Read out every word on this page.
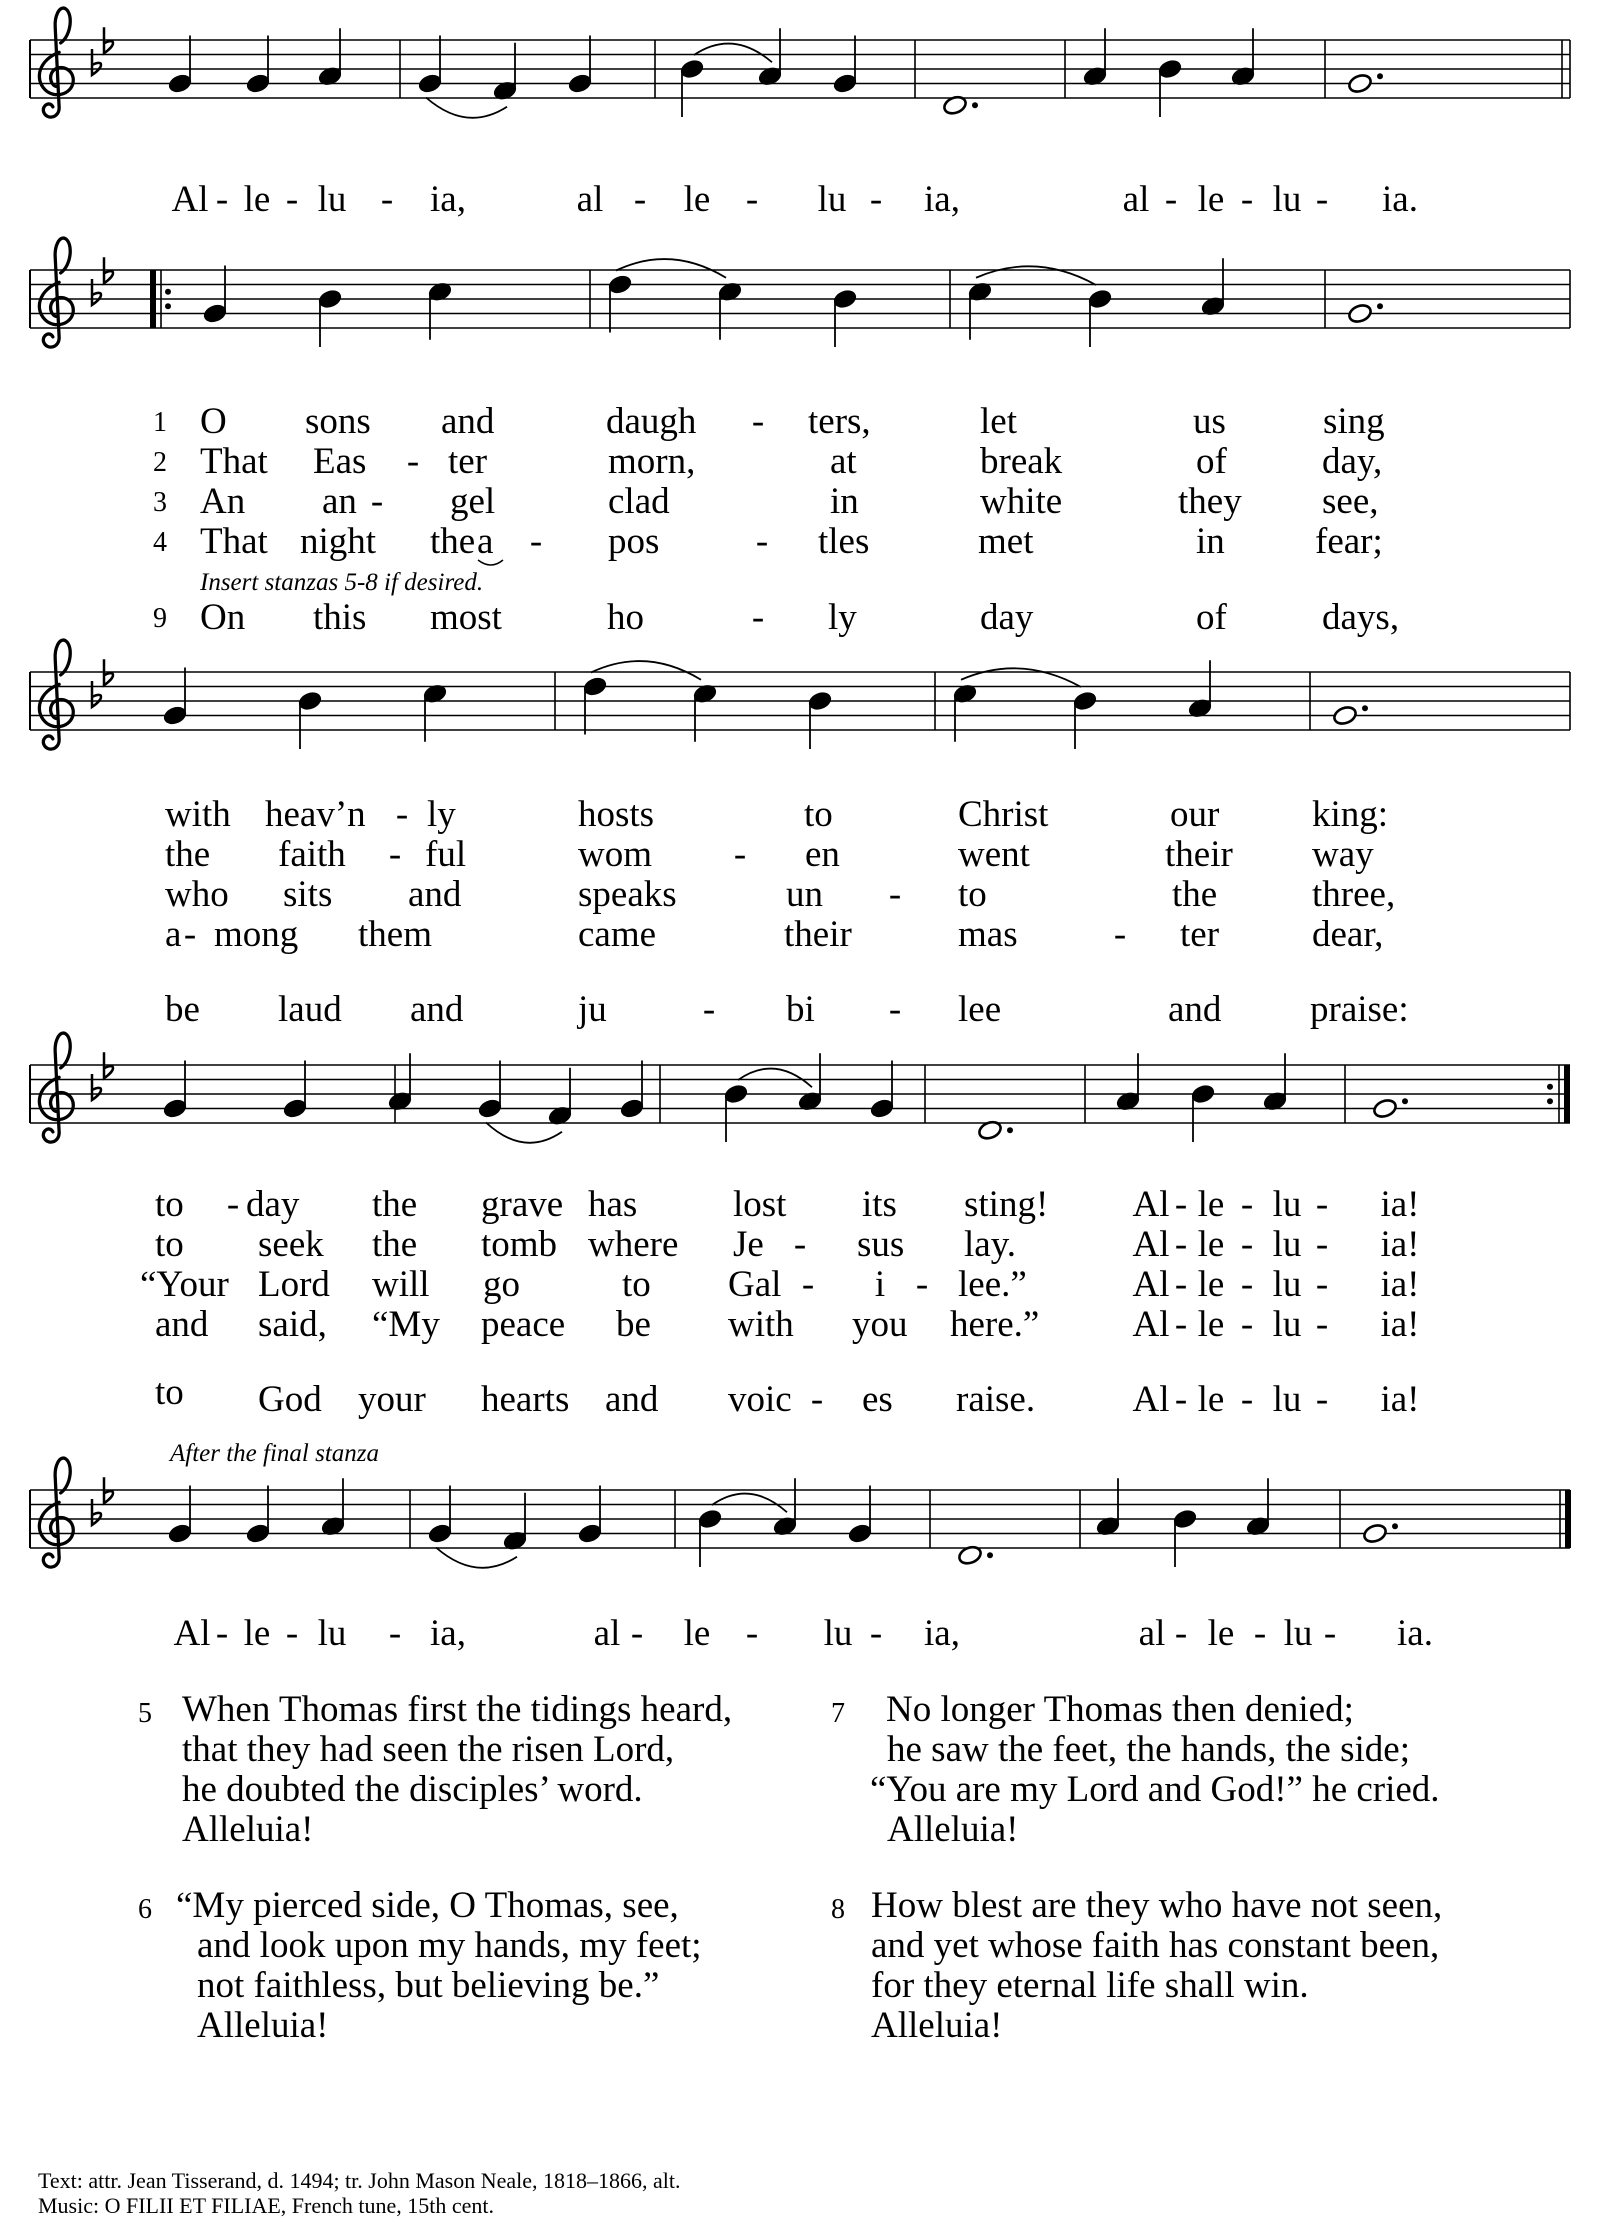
Al - le - lu - ia,	al - le - lu - ia,	al - le - lu - ia.
1 O sons and	daugh - ters,	let	us	sing
2 That Eas - ter	morn,	at	break	of	day,
3 An an - gel	clad	in	white	they see,
4 That night the a - pos	- tles	met	in fear;
Insert stanzas 5-8 if desired.
9 On this most	ho	- ly	day	of	days,
with heav’n - ly	hosts	to	Christ	our	king:
the faith - ful	wom - en	went	their way
who sits and	speaks	un - to	the	three,
a - mong them	came	their	mas	- ter	dear,
be laud and	ju	- bi - lee	and praise:
to - day the grave has	lost its sting! Al - le - lu - ia!
to seek the tomb where Je - sus lay.	Al - le - lu - ia!
“Your Lord will go	to Gal - i - lee.”	Al - le - lu - ia!
and said, “My peace be with you here.”	Al - le - lu - ia!
to God your hearts and voic - es raise.	Al - le - lu - ia!
After the final stanza
Al - le - lu - ia,	al - le - lu - ia,	al - le - lu - ia.
5 When Thomas first the tidings heard,
that they had seen the risen Lord,
he doubted the disciples’ word.
Alleluia!
6 “My pierced side, O Thomas, see,
and look upon my hands, my feet;
not faithless, but believing be.”
Alleluia!
7 No longer Thomas then denied;
he saw the feet, the hands, the side;
“You are my Lord and God!” he cried.
Alleluia!
8 How blest are they who have not seen,
and yet whose faith has constant been,
for they eternal life shall win.
Alleluia!
Text: attr. Jean Tisserand, d. 1494; tr. John Mason Neale, 1818–1866, alt.
Music: O FILII ET FILIAE, French tune, 15th cent.
